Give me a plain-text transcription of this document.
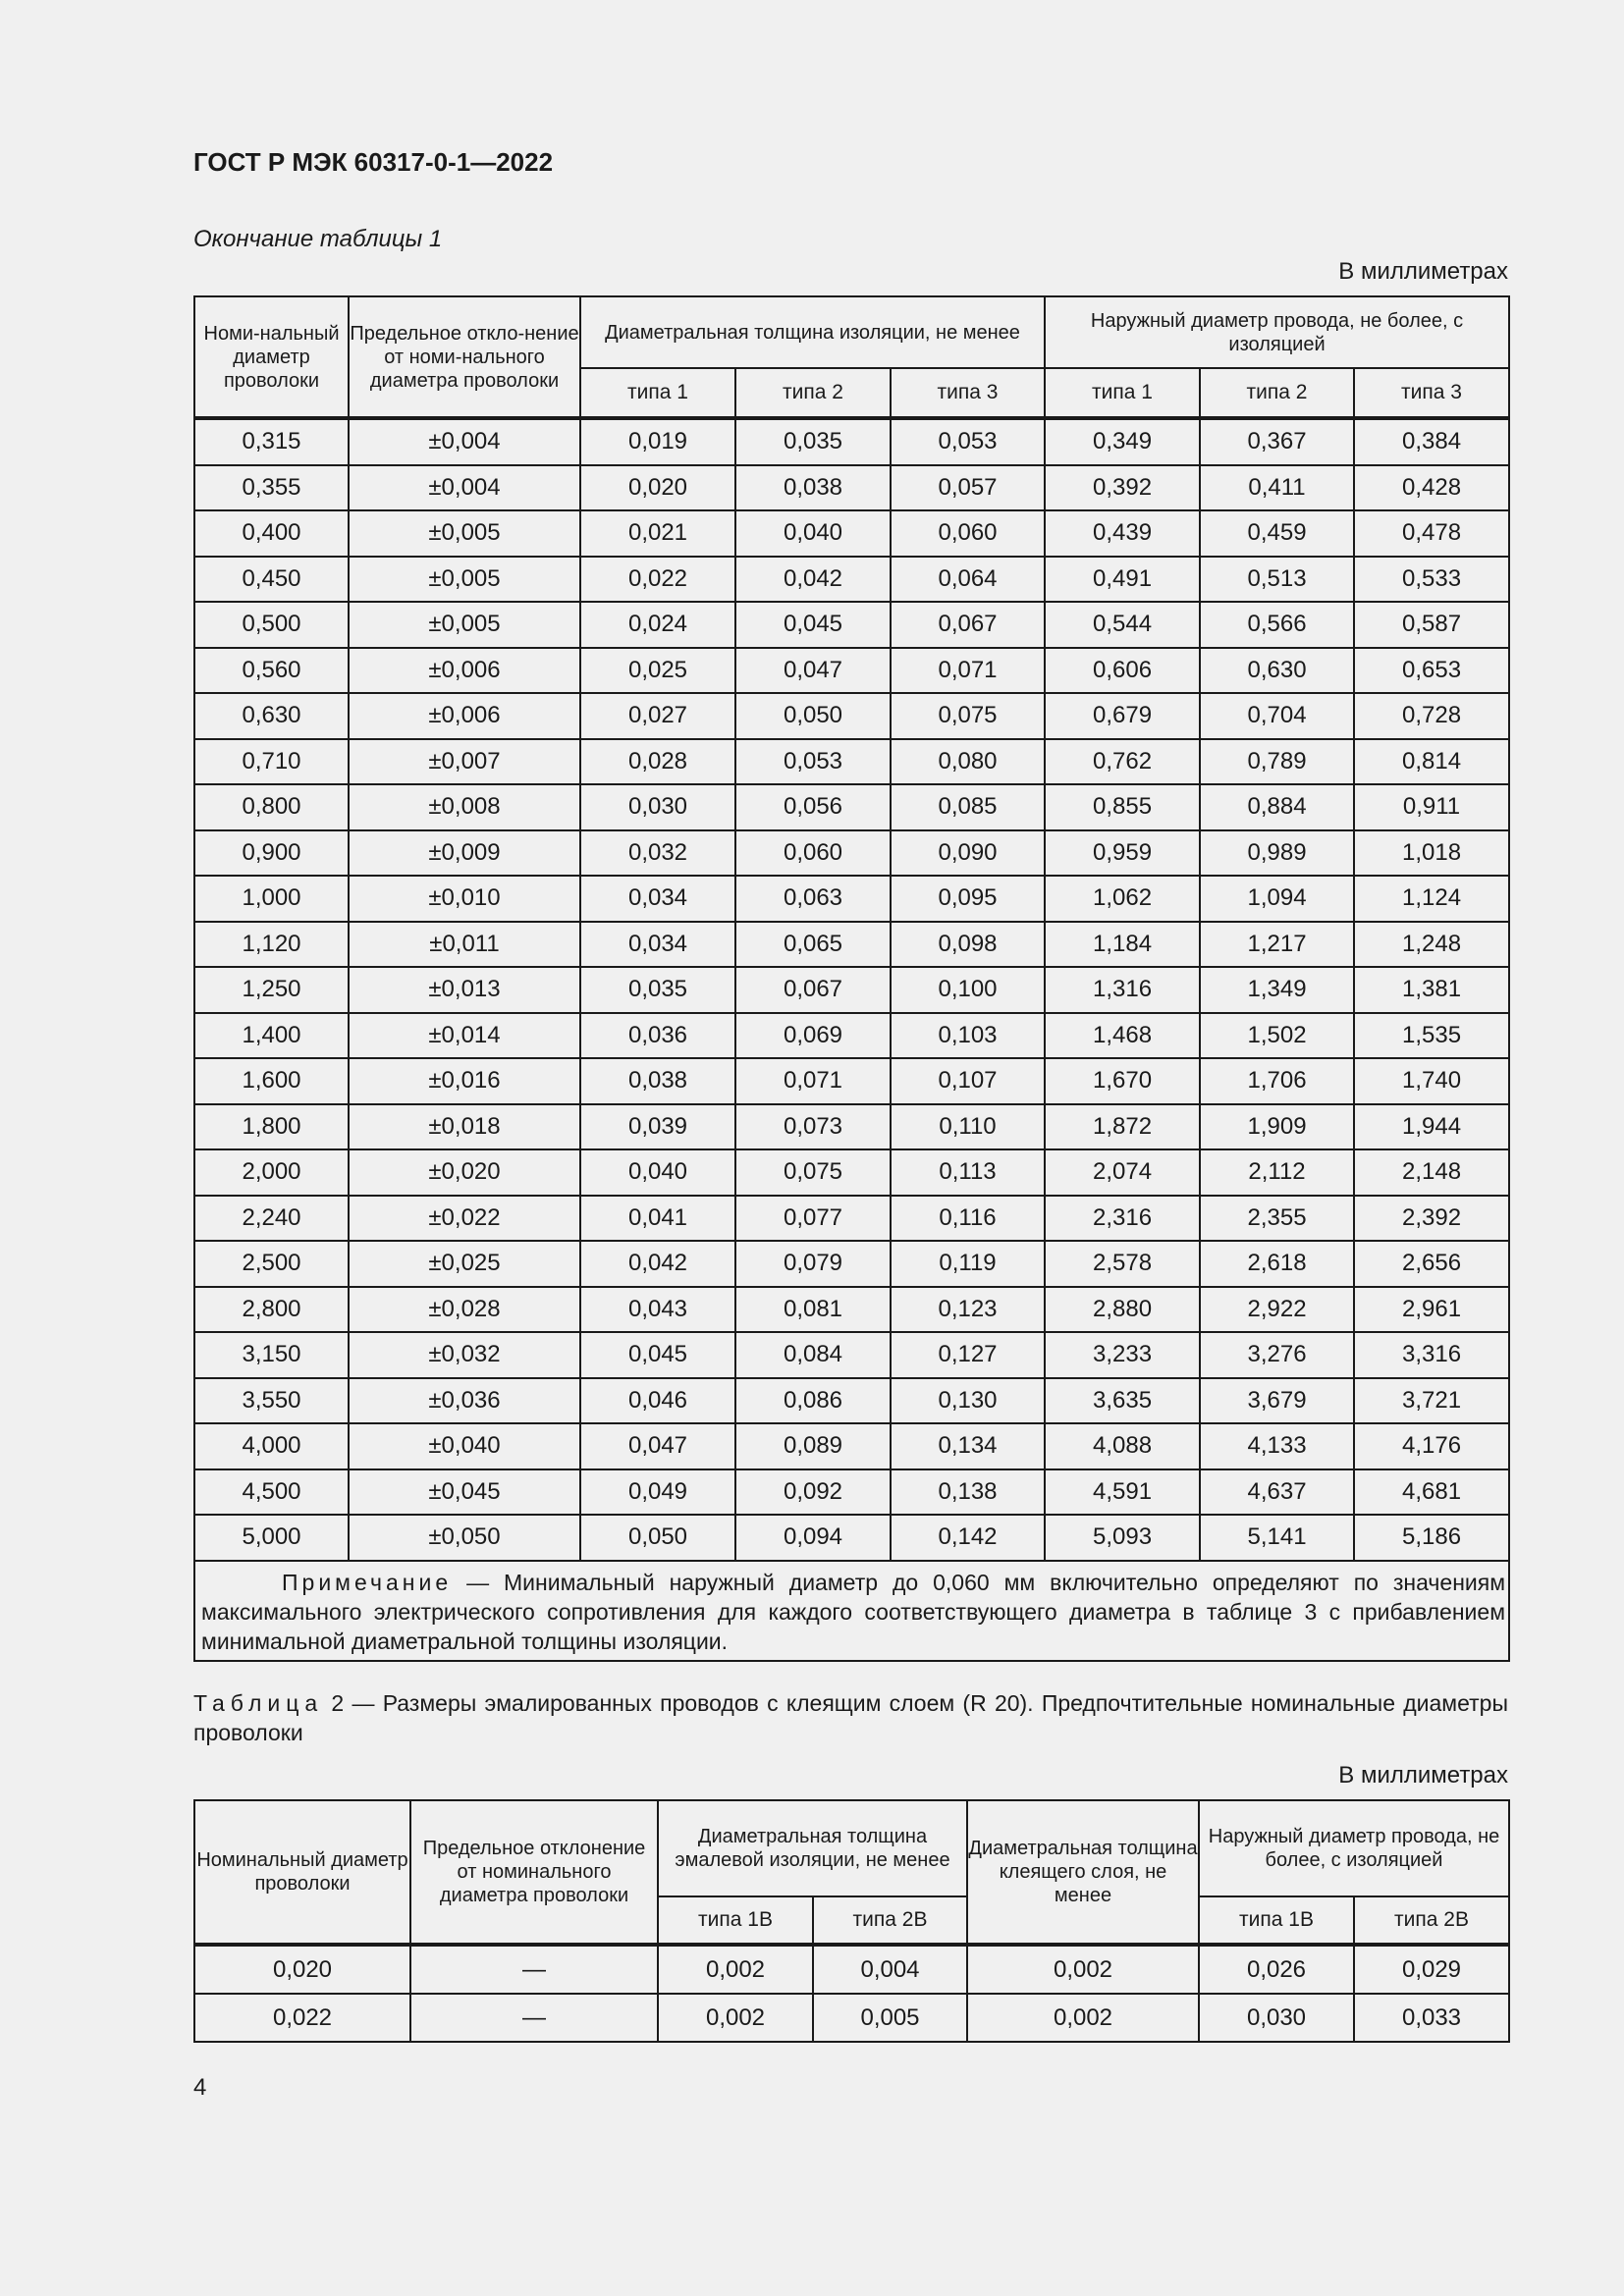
ГОСТ Р МЭК 60317-0-1—2022
Окончание таблицы 1
В миллиметрах
Номи-нальный диаметр проволоки	Предельное откло-нение от номи-нального диаметра проволоки	Диаметральная толщина изоляции, не менее			Наружный диаметр провода, не более, с изоляцией		
		типа 1	типа 2	типа 3	типа 1	типа 2	типа 3
0,315	±0,004	0,019	0,035	0,053	0,349	0,367	0,384
0,355	±0,004	0,020	0,038	0,057	0,392	0,411	0,428
0,400	±0,005	0,021	0,040	0,060	0,439	0,459	0,478
0,450	±0,005	0,022	0,042	0,064	0,491	0,513	0,533
0,500	±0,005	0,024	0,045	0,067	0,544	0,566	0,587
0,560	±0,006	0,025	0,047	0,071	0,606	0,630	0,653
0,630	±0,006	0,027	0,050	0,075	0,679	0,704	0,728
0,710	±0,007	0,028	0,053	0,080	0,762	0,789	0,814
0,800	±0,008	0,030	0,056	0,085	0,855	0,884	0,911
0,900	±0,009	0,032	0,060	0,090	0,959	0,989	1,018
1,000	±0,010	0,034	0,063	0,095	1,062	1,094	1,124
1,120	±0,011	0,034	0,065	0,098	1,184	1,217	1,248
1,250	±0,013	0,035	0,067	0,100	1,316	1,349	1,381
1,400	±0,014	0,036	0,069	0,103	1,468	1,502	1,535
1,600	±0,016	0,038	0,071	0,107	1,670	1,706	1,740
1,800	±0,018	0,039	0,073	0,110	1,872	1,909	1,944
2,000	±0,020	0,040	0,075	0,113	2,074	2,112	2,148
2,240	±0,022	0,041	0,077	0,116	2,316	2,355	2,392
2,500	±0,025	0,042	0,079	0,119	2,578	2,618	2,656
2,800	±0,028	0,043	0,081	0,123	2,880	2,922	2,961
3,150	±0,032	0,045	0,084	0,127	3,233	3,276	3,316
3,550	±0,036	0,046	0,086	0,130	3,635	3,679	3,721
4,000	±0,040	0,047	0,089	0,134	4,088	4,133	4,176
4,500	±0,045	0,049	0,092	0,138	4,591	4,637	4,681
5,000	±0,050	0,050	0,094	0,142	5,093	5,141	5,186
Примечание — Минимальный наружный диаметр до 0,060 мм включительно определяют по значениям максимального электрического сопротивления для каждого соответствующего диаметра в таблице 3 с прибавлением минимальной диаметральной толщины изоляции.							
Таблица 2 — Размеры эмалированных проводов с клеящим слоем (R 20). Предпочтительные номинальные диаметры проволоки
В миллиметрах
Номинальный диаметр проволоки	Предельное отклонение от номинального диаметра проволоки	Диаметральная толщина эмалевой изоляции, не менее		Диаметральная толщина клеящего слоя, не менее	Наружный диаметр провода, не более, с изоляцией	
		типа 1В	типа 2В		типа 1В	типа 2В
0,020	—	0,002	0,004	0,002	0,026	0,029
0,022	—	0,002	0,005	0,002	0,030	0,033
4
